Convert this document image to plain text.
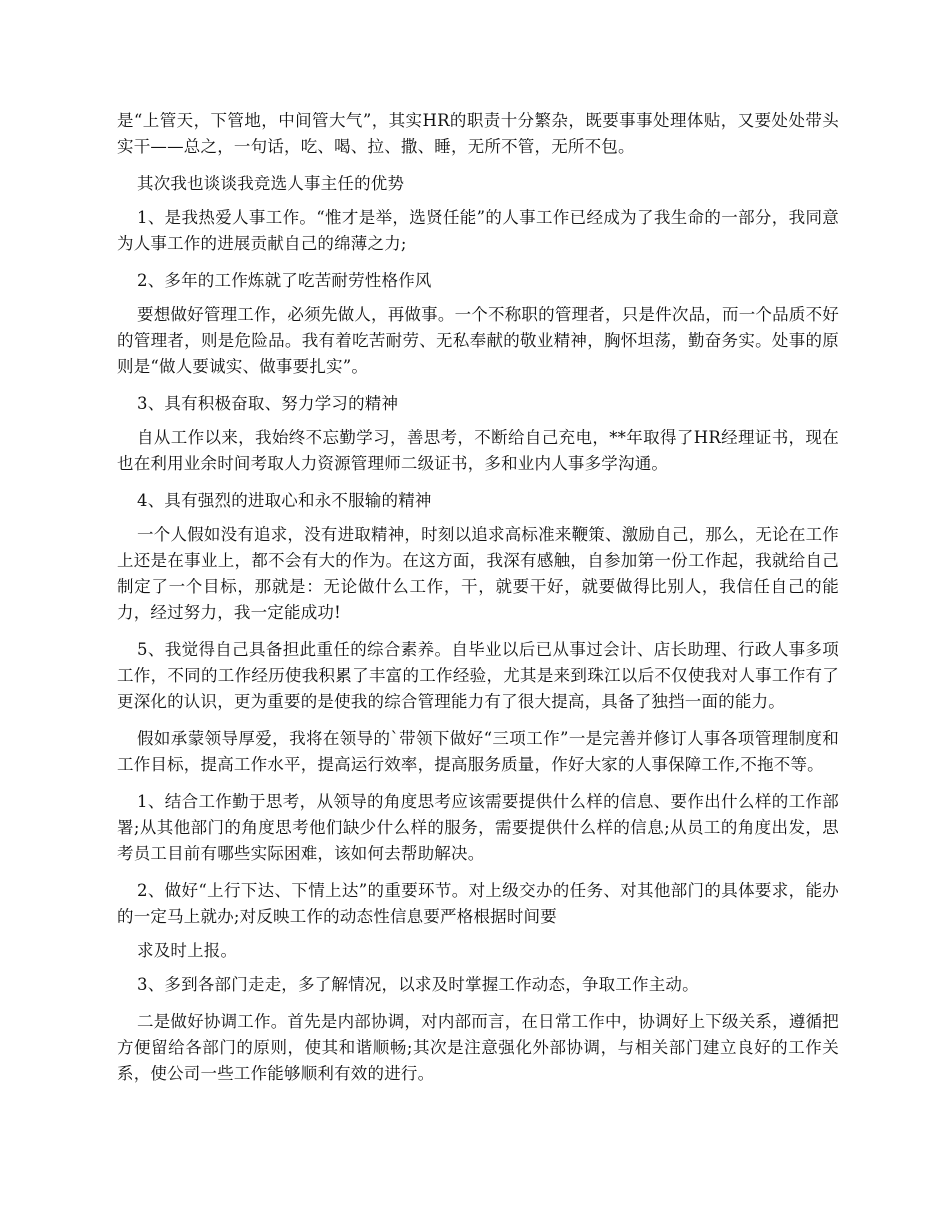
是“上管天，下管地，中间管大气”，其实HR的职责十分繁杂，既要事事处理体贴，又要处处带头实干——总之，一句话，吃、喝、拉、撒、睡，无所不管，无所不包。

其次我也谈谈我竞选人事主任的优势

1、是我热爱人事工作。“惟才是举，选贤任能”的人事工作已经成为了我生命的一部分，我同意为人事工作的进展贡献自己的绵薄之力;

2、多年的工作炼就了吃苦耐劳性格作风

要想做好管理工作，必须先做人，再做事。一个不称职的管理者，只是件次品，而一个品质不好的管理者，则是危险品。我有着吃苦耐劳、无私奉献的敬业精神，胸怀坦荡，勤奋务实。处事的原则是“做人要诚实、做事要扎实”。

3、具有积极奋取、努力学习的精神

自从工作以来，我始终不忘勤学习，善思考，不断给自己充电，**年取得了HR经理证书，现在也在利用业余时间考取人力资源管理师二级证书，多和业内人事多学沟通。

4、具有强烈的进取心和永不服输的精神

一个人假如没有追求，没有进取精神，时刻以追求高标准来鞭策、激励自己，那么，无论在工作上还是在事业上，都不会有大的作为。在这方面，我深有感触，自参加第一份工作起，我就给自己制定了一个目标，那就是：无论做什么工作，干，就要干好，就要做得比别人，我信任自己的能力，经过努力，我一定能成功!

5、我觉得自己具备担此重任的综合素养。自毕业以后已从事过会计、店长助理、行政人事多项工作，不同的工作经历使我积累了丰富的工作经验，尤其是来到珠江以后不仅使我对人事工作有了更深化的认识，更为重要的是使我的综合管理能力有了很大提高，具备了独挡一面的能力。

假如承蒙领导厚爱，我将在领导的`带领下做好“三项工作”一是完善并修订人事各项管理制度和工作目标，提高工作水平，提高运行效率，提高服务质量，作好大家的人事保障工作,不拖不等。

1、结合工作勤于思考，从领导的角度思考应该需要提供什么样的信息、要作出什么样的工作部署;从其他部门的角度思考他们缺少什么样的服务，需要提供什么样的信息;从员工的角度出发，思考员工目前有哪些实际困难，该如何去帮助解决。

2、做好“上行下达、下情上达”的重要环节。对上级交办的任务、对其他部门的具体要求，能办的一定马上就办;对反映工作的动态性信息要严格根据时间要

求及时上报。

3、多到各部门走走，多了解情况，以求及时掌握工作动态，争取工作主动。

二是做好协调工作。首先是内部协调，对内部而言，在日常工作中，协调好上下级关系，遵循把方便留给各部门的原则，使其和谐顺畅;其次是注意强化外部协调，与相关部门建立良好的工作关系，使公司一些工作能够顺利有效的进行。
